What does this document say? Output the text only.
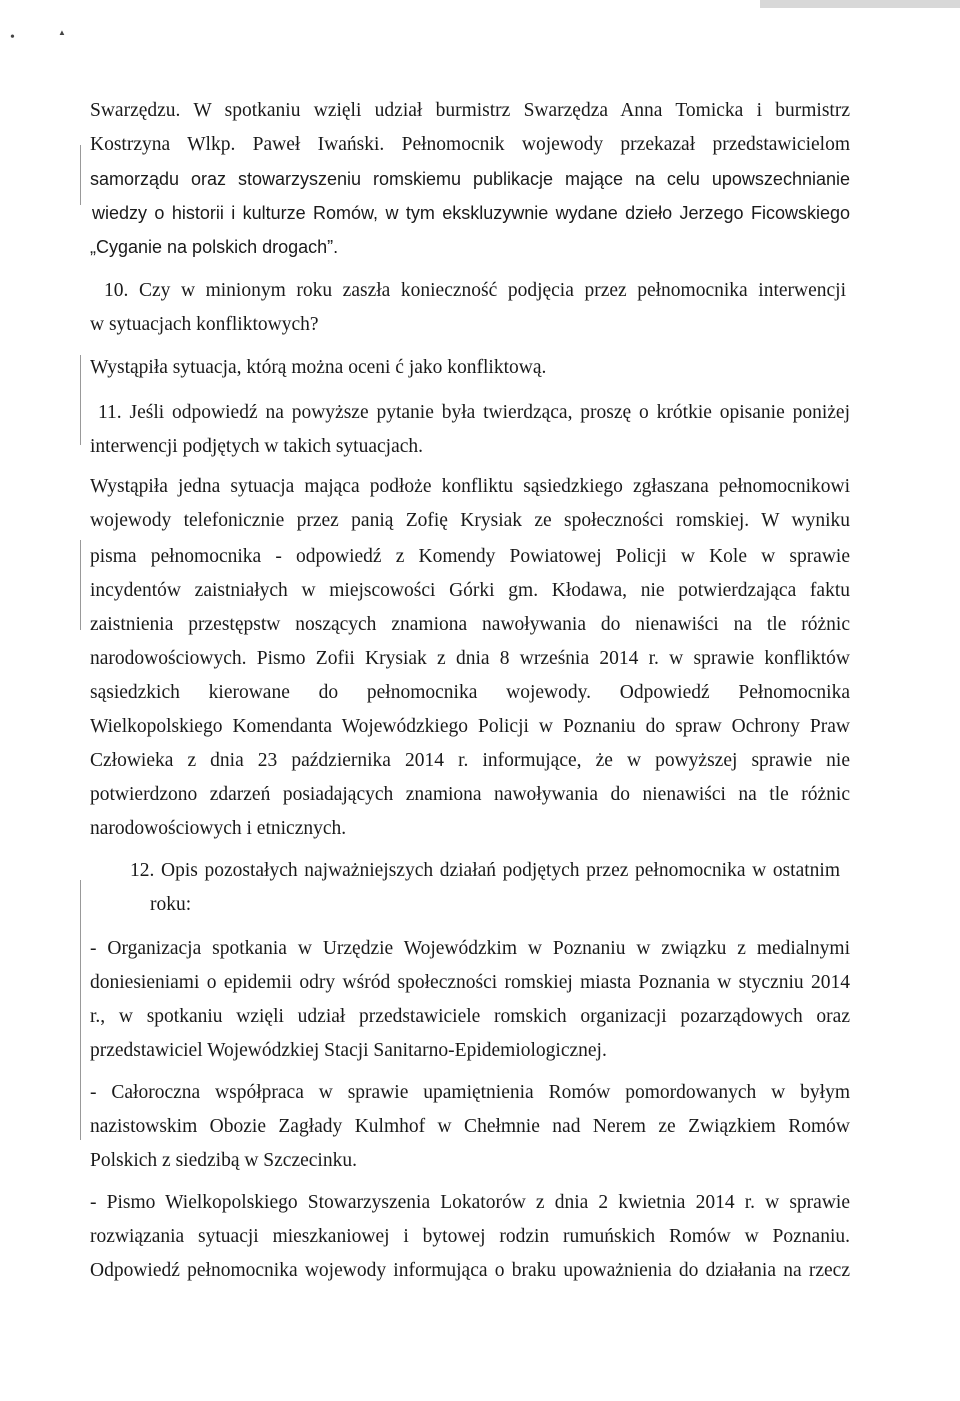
•	▲
Swarzędzu. W spotkaniu wzięli udział burmistrz Swarzędza Anna Tomicka i burmistrz
Kostrzyna Wlkp. Paweł Iwański. Pełnomocnik wojewody przekazał przedstawicielom
samorządu oraz stowarzyszeniu romskiemu publikacje mające na celu upowszechnianie
wiedzy o historii i kulturze Romów, w tym ekskluzywnie wydane dzieło Jerzego Ficowskiego
„Cyganie na polskich drogach”.
10. Czy w minionym roku zaszła konieczność podjęcia przez pełnomocnika interwencji
w sytuacjach konfliktowych?
Wystąpiła sytuacja, którą można oceni ć jako konfliktową.
11. Jeśli odpowiedź na powyższe pytanie była twierdząca, proszę o krótkie opisanie poniżej
interwencji podjętych w takich sytuacjach.
Wystąpiła jedna sytuacja mająca podłoże konfliktu sąsiedzkiego zgłaszana pełnomocnikowi
wojewody telefonicznie przez panią Zofię Krysiak ze społeczności romskiej. W wyniku
pisma pełnomocnika - odpowiedź z Komendy Powiatowej Policji w Kole w sprawie
incydentów zaistniałych w miejscowości Górki gm. Kłodawa, nie potwierdzająca faktu
zaistnienia przestępstw noszących znamiona nawoływania do nienawiści na tle różnic
narodowościowych. Pismo Zofii Krysiak z dnia 8 września 2014 r. w sprawie konfliktów
sąsiedzkich kierowane do pełnomocnika wojewody. Odpowiedź Pełnomocnika
Wielkopolskiego Komendanta Wojewódzkiego Policji w Poznaniu do spraw Ochrony Praw
Człowieka z dnia 23 października 2014 r. informujące, że w powyższej sprawie nie
potwierdzono zdarzeń posiadających znamiona nawoływania do nienawiści na tle różnic
narodowościowych i etnicznych.
12. Opis pozostałych najważniejszych działań podjętych przez pełnomocnika w ostatnim
roku:
- Organizacja spotkania w Urzędzie Wojewódzkim w Poznaniu w związku z medialnymi
doniesieniami o epidemii odry wśród społeczności romskiej miasta Poznania w styczniu 2014
r., w spotkaniu wzięli udział przedstawiciele romskich organizacji pozarządowych oraz
przedstawiciel Wojewódzkiej Stacji Sanitarno-Epidemiologicznej.
- Całoroczna współpraca w sprawie upamiętnienia Romów pomordowanych w byłym
nazistowskim Obozie Zagłady Kulmhof w Chełmnie nad Nerem ze Związkiem Romów
Polskich z siedzibą w Szczecinku.
- Pismo Wielkopolskiego Stowarzyszenia Lokatorów z dnia 2 kwietnia 2014 r. w sprawie
rozwiązania sytuacji mieszkaniowej i bytowej rodzin rumuńskich Romów w Poznaniu.
Odpowiedź pełnomocnika wojewody informująca o braku upoważnienia do działania na rzecz
